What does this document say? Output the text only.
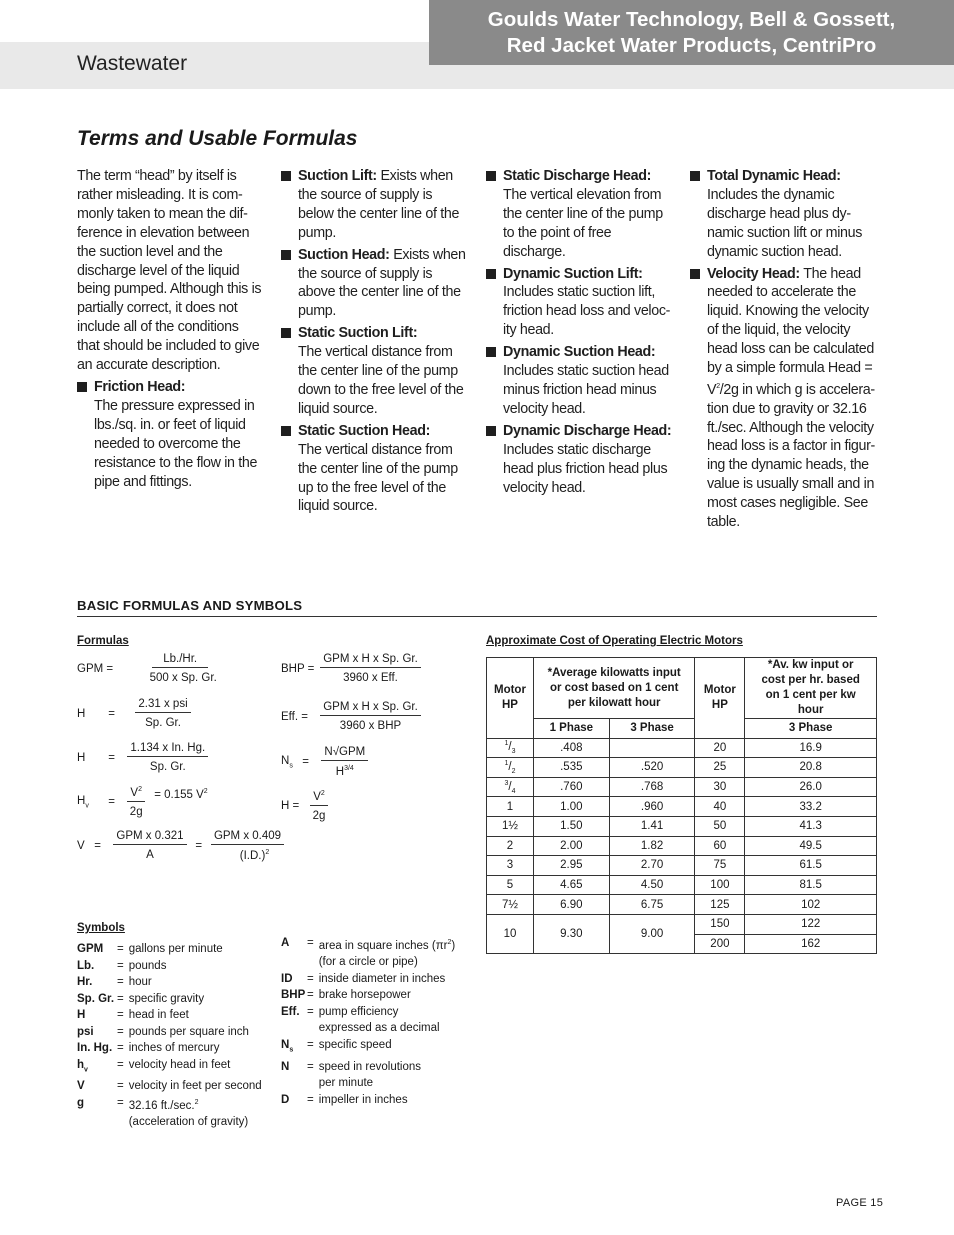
Goulds Water Technology, Bell & Gossett,
Red Jacket Water Products, CentriPro
Wastewater
Terms and Usable Formulas

The term “head” by itself is rather misleading. It is com-monly taken to mean the dif-ference in elevation between the suction level and the discharge level of the liquid being pumped. Although this is partially correct, it does not include all of the conditions that should be included to give an accurate description.

Friction Head:
The pressure expressed in lbs./sq. in. or feet of liquid needed to overcome the resistance to the flow in the pipe and fittings.
Suction Lift: Exists when the source of supply is below the center line of the pump.
Suction Head: Exists when the source of supply is above the center line of the pump.
Static Suction Lift:
The vertical distance from the center line of the pump down to the free level of the liquid source.
Static Suction Head:
The vertical distance from the center line of the pump up to the free level of the liquid source.
Static Discharge Head: The vertical elevation from the center line of the pump to the point of free discharge.
Dynamic Suction Lift:
Includes static suction lift, friction head loss and veloc-ity head.
Dynamic Suction Head:
Includes static suction head minus friction head minus velocity head.
Dynamic Discharge Head:
Includes static discharge head plus friction head plus velocity head.
Total Dynamic Head:
Includes the dynamic discharge head plus dy-namic suction lift or minus dynamic suction head.
Velocity Head: The head needed to accelerate the liquid. Knowing the velocity of the liquid, the velocity head loss can be calculated by a simple formula Head = $V^2/2g$ in which g is accelera-tion due to gravity or 32.16 ft./sec. Although the velocity head loss is a factor in figur-ing the dynamic heads, the value is usually small and in most cases negligible. See table.
BASIC FORMULAS AND SYMBOLS
Formulas
GPM = $\frac{Lb./Hr.}{\text{500 x Sp. Gr.}}$
$H = \frac{\text{2.31 x psi}}{Sp. Gr.}$
$H = \frac{\text{1.134 x In. Hg.}}{Sp. Gr.}$
$H_v = \frac{V^2}{2g} = 0.155$ $V^2$
$V = \frac{\text{GPM x 0.321}}{A} = \frac{\text{GPM x 0.409}}{(I.D.)^2}$
BHP = $\frac{\text{GPM x H x Sp. Gr.}}{\text{3960 x Eff.}}$
Eff. = $\frac{\text{GPM x H x Sp. Gr.}}{\text{3960 x BHP}}$
$N_s = \frac{\text{N√GPM}}{H^{3/4}}$
$H = \frac{V^2}{2g}$
Symbols
GPM	= gallons per minute
Lb.	= pounds
Hr.	= hour
Sp. Gr. = specific gravity
H	= head in feet
psi	= pounds per square inch
In. Hg. = inches of mercury
$h_v$	= velocity head in feet
V	= velocity in feet per second
g	= 32.16 ft./sec.$^2$
(acceleration of gravity)
A	= area in square inches $(\pi r^2)$
(for a circle or pipe)
ID	= inside diameter in inches
BHP = brake horsepower
Eff. = pump efficiency
expressed as a decimal
$N_s$	= specific speed
N	= speed in revolutions
per minute
D	= impeller in inches
Approximate Cost of Operating Electric Motors
Motor HP	*Average kilowatts input or cost based on 1 cent per kilowatt hour		Motor HP	*Av. kw input or cost per hr. based on 1 cent per kw hour
	1 Phase	3 Phase		3 Phase
$^1/_3$	.408		20	16.9
$^1/_2$	.535	.520	25	20.8
$^3/_4$	.760	.768	30	26.0
1	1.00	.960	40	33.2
1½	1.50	1.41	50	41.3
2	2.00	1.82	60	49.5
3	2.95	2.70	75	61.5
5	4.65	4.50	100	81.5
7½	6.90	6.75	125	102
10	9.30	9.00	150	122
			200	162
PAGE 15
